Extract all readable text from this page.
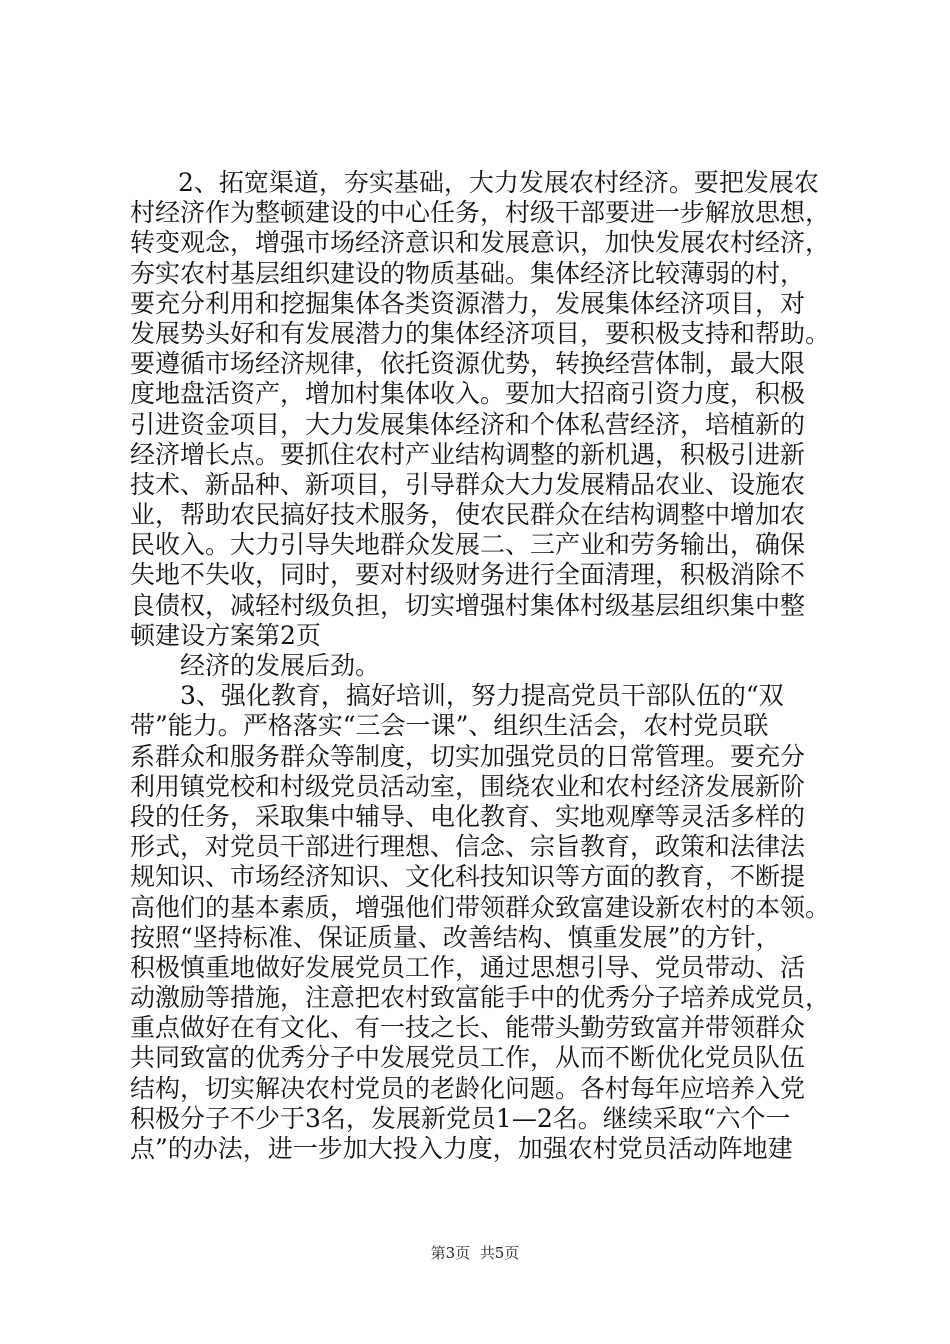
2、拓宽渠道，夯实基础，大力发展农村经济。要把发展农
村经济作为整顿建设的中心任务，村级干部要进一步解放思想，
转变观念，增强市场经济意识和发展意识，加快发展农村经济，
夯实农村基层组织建设的物质基础。集体经济比较薄弱的村，
要充分利用和挖掘集体各类资源潜力，发展集体经济项目，对
发展势头好和有发展潜力的集体经济项目，要积极支持和帮助。
要遵循市场经济规律，依托资源优势，转换经营体制，最大限
度地盘活资产，增加村集体收入。要加大招商引资力度，积极
引进资金项目，大力发展集体经济和个体私营经济，培植新的
经济增长点。要抓住农村产业结构调整的新机遇，积极引进新
技术、新品种、新项目，引导群众大力发展精品农业、设施农
业，帮助农民搞好技术服务，使农民群众在结构调整中增加农
民收入。大力引导失地群众发展二、三产业和劳务输出，确保
失地不失收，同时，要对村级财务进行全面清理，积极消除不
良债权，减轻村级负担，切实增强村集体村级基层组织集中整
顿建设方案第2页
经济的发展后劲。
3、强化教育，搞好培训，努力提高党员干部队伍的“双
带”能力。严格落实“三会一课”、组织生活会，农村党员联
系群众和服务群众等制度，切实加强党员的日常管理。要充分
利用镇党校和村级党员活动室，围绕农业和农村经济发展新阶
段的任务，采取集中辅导、电化教育、实地观摩等灵活多样的
形式，对党员干部进行理想、信念、宗旨教育，政策和法律法
规知识、市场经济知识、文化科技知识等方面的教育，不断提
高他们的基本素质，增强他们带领群众致富建设新农村的本领。
按照“坚持标准、保证质量、改善结构、慎重发展”的方针，
积极慎重地做好发展党员工作，通过思想引导、党员带动、活
动激励等措施，注意把农村致富能手中的优秀分子培养成党员，
重点做好在有文化、有一技之长、能带头勤劳致富并带领群众
共同致富的优秀分子中发展党员工作，从而不断优化党员队伍
结构，切实解决农村党员的老龄化问题。各村每年应培养入党
积极分子不少于3名，发展新党员1—2名。继续采取“六个一
点”的办法，进一步加大投入力度，加强农村党员活动阵地建
第3页 共5页
